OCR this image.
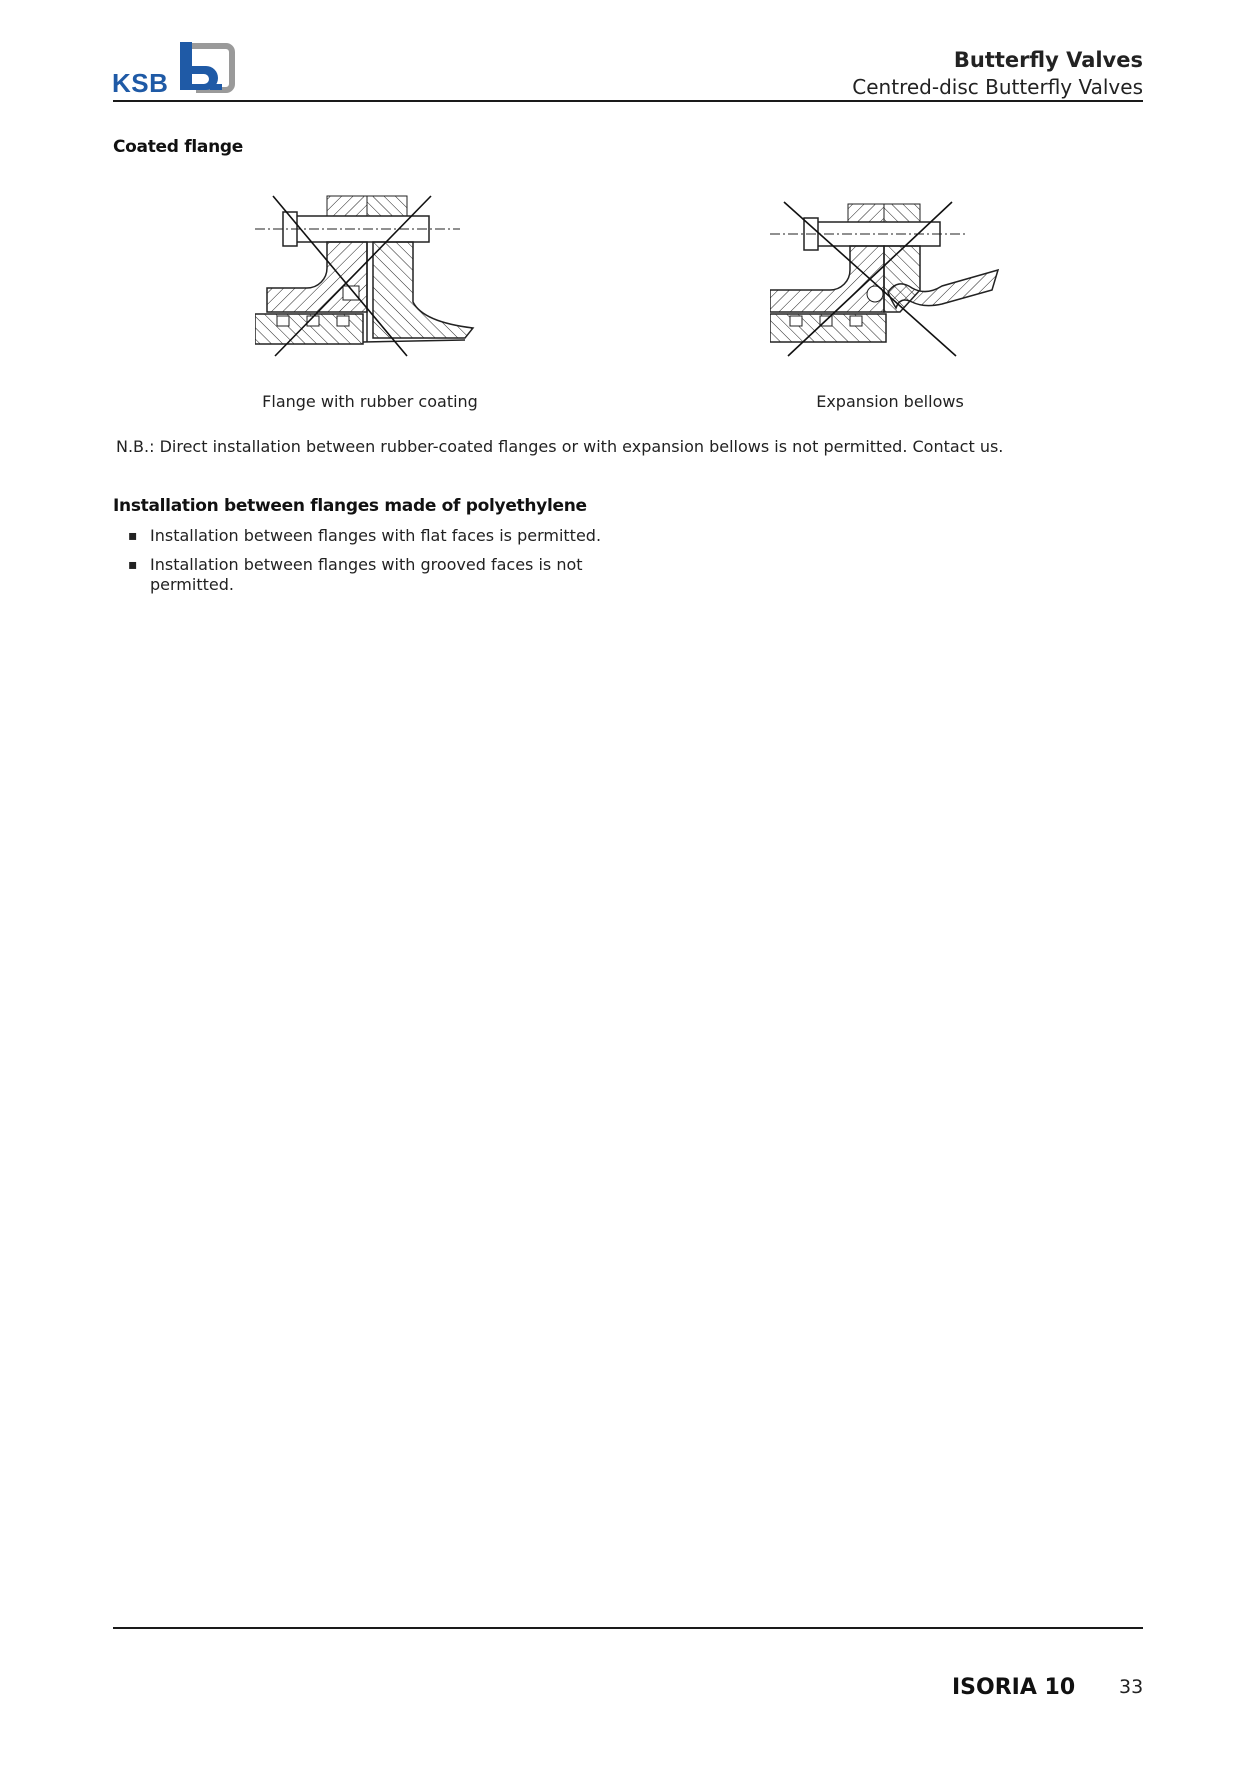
KSB
Butterfly Valves
Centred-disc Butterfly Valves
Coated flange
Flange with rubber coating	Expansion bellows
N.B.: Direct installation between rubber-coated flanges or with expansion bellows is not permitted. Contact us.
Installation between flanges made of polyethylene
▪ Installation between flanges with flat faces is permitted.
▪ Installation between flanges with grooved faces is not permitted.
ISORIA 10 33
